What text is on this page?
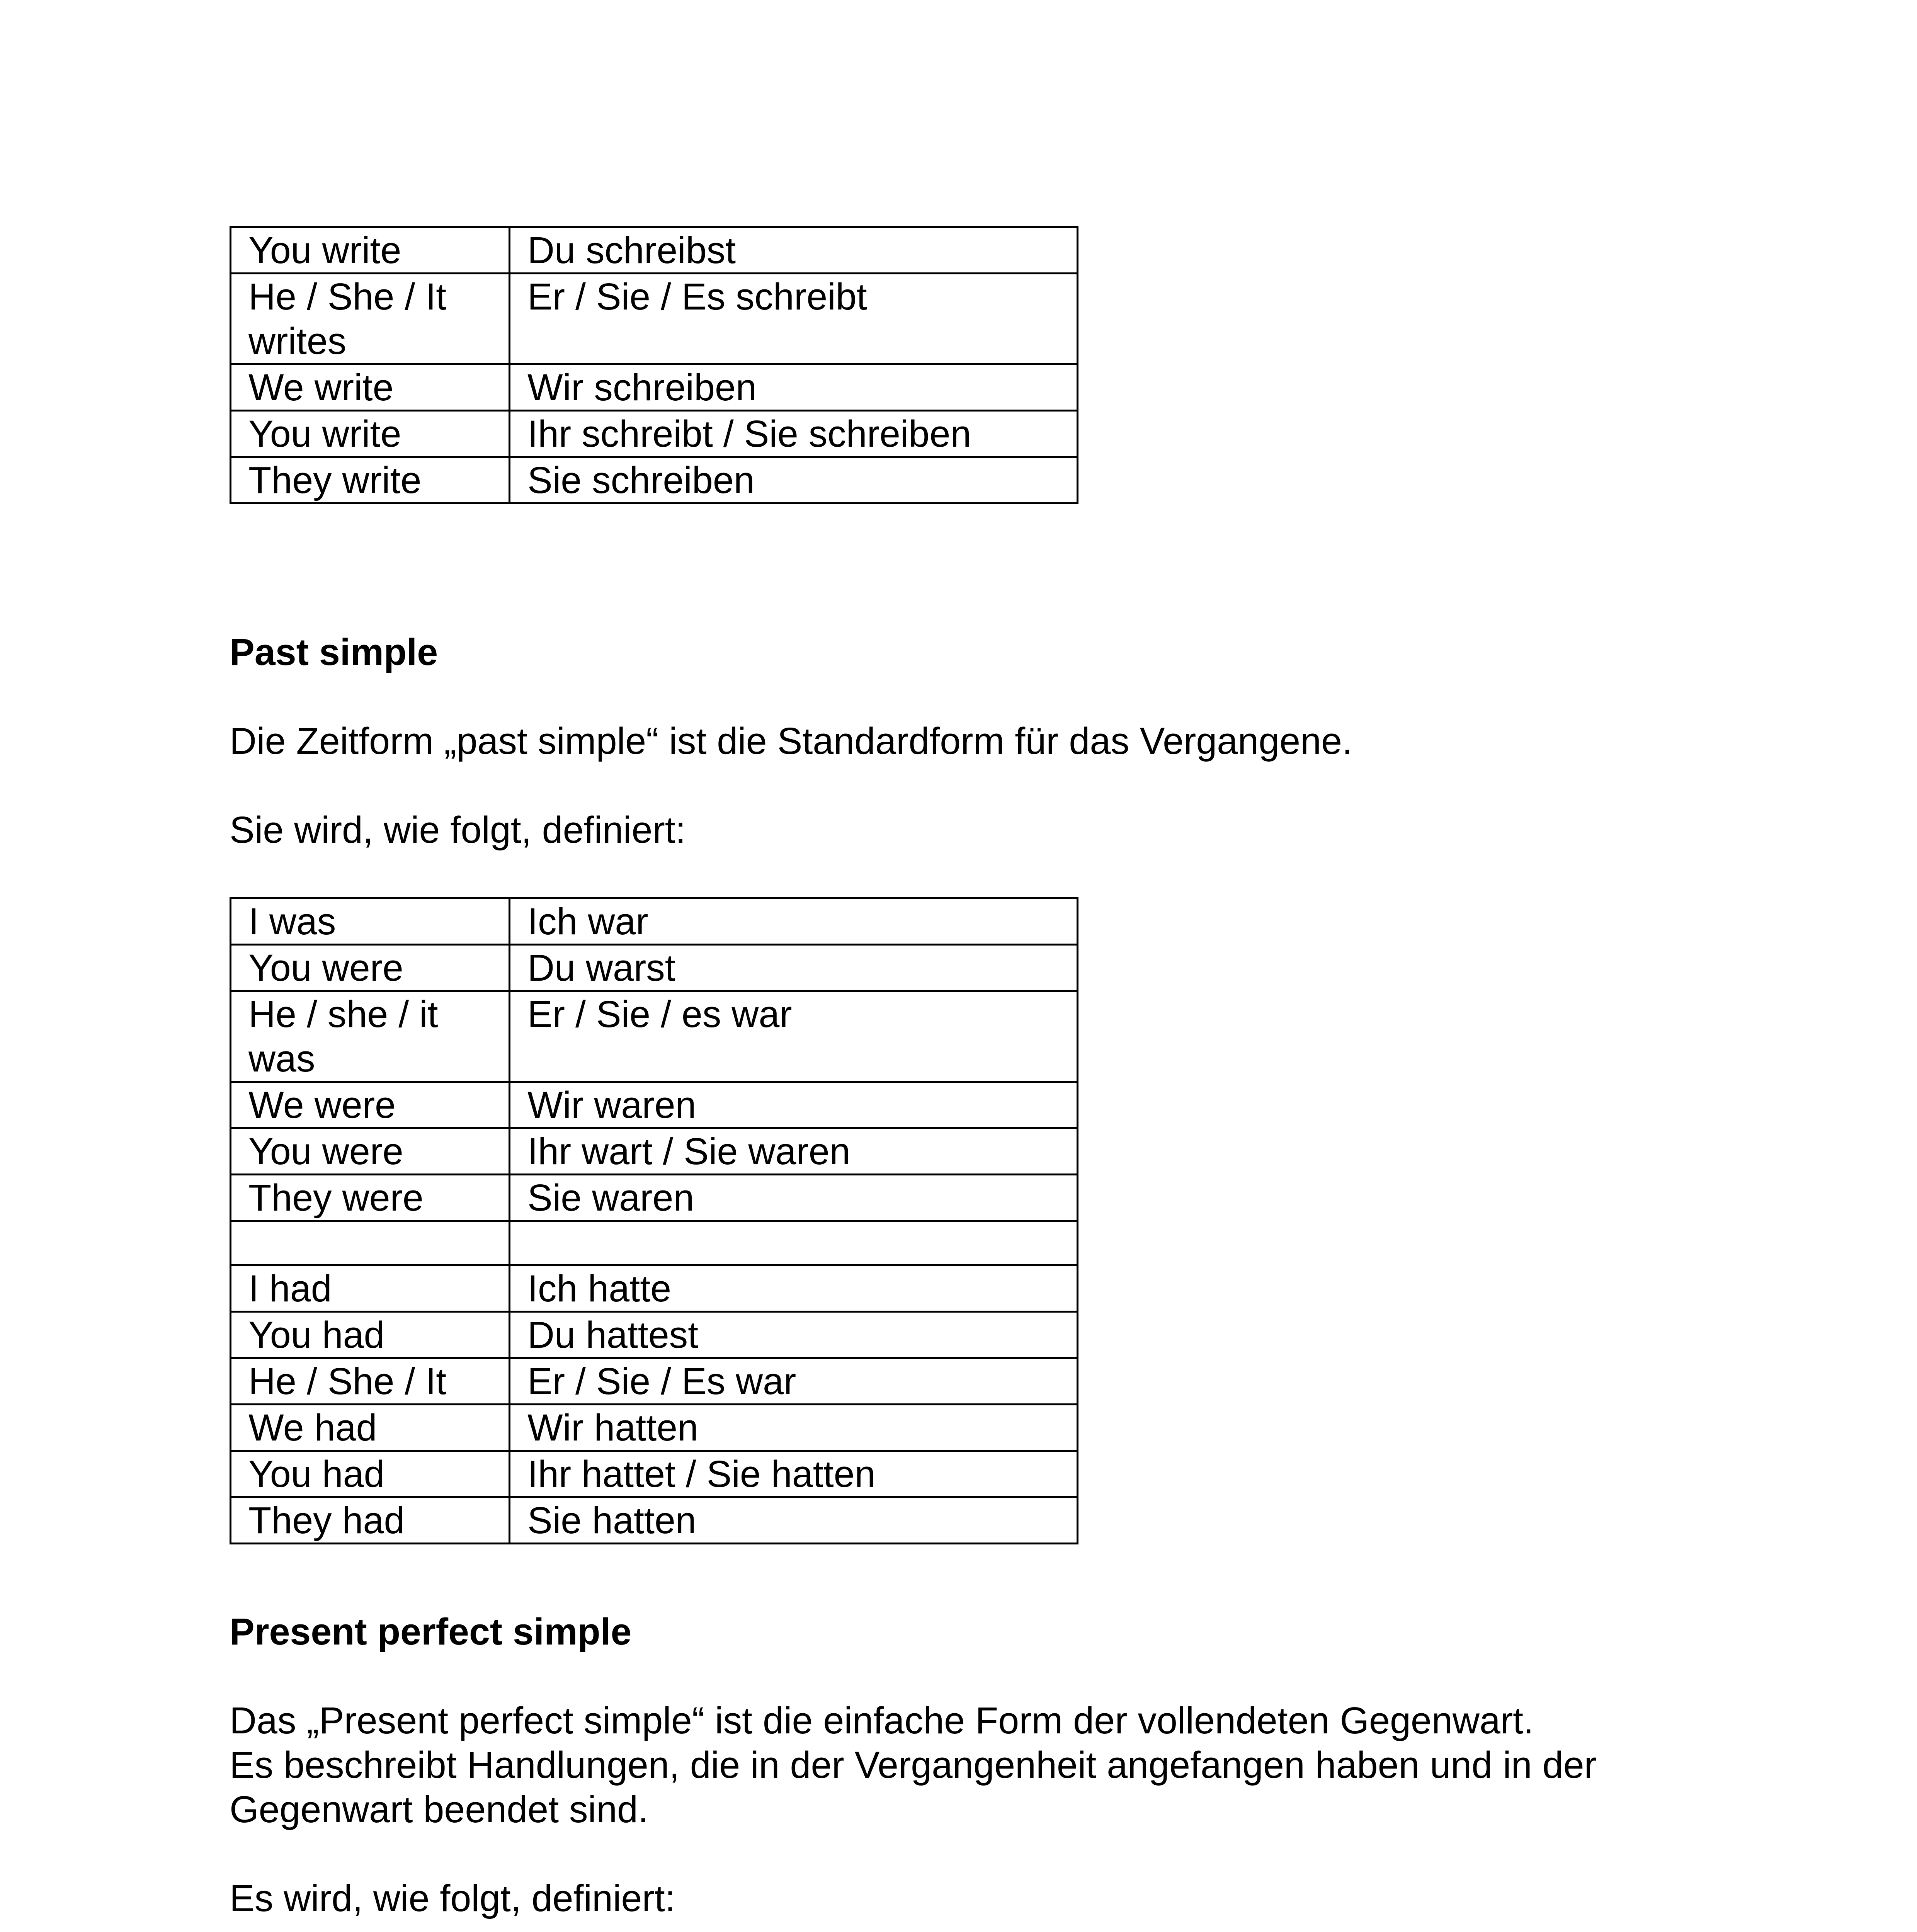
You write	Du schreibst
He / She / It writes	Er / Sie / Es schreibt
We write	Wir schreiben
You write	Ihr schreibt / Sie schreiben
They write	Sie schreiben
Past simple

Die Zeitform „past simple“ ist die Standardform für das Vergangene.

Sie wird, wie folgt, definiert:

I was	Ich war
You were	Du warst
He / she / it was	Er / Sie / es war
We were	Wir waren
You were	Ihr wart / Sie waren
They were	Sie waren

I had	Ich hatte
You had	Du hattest
He / She / It	Er / Sie / Es war
We had	Wir hatten
You had	Ihr hattet / Sie hatten
They had	Sie hatten
Present perfect simple

Das „Present perfect simple“ ist die einfache Form der vollendeten Gegenwart.

Es beschreibt Handlungen, die in der Vergangenheit angefangen haben und in der

Gegenwart beendet sind.

Es wird, wie folgt, definiert:
